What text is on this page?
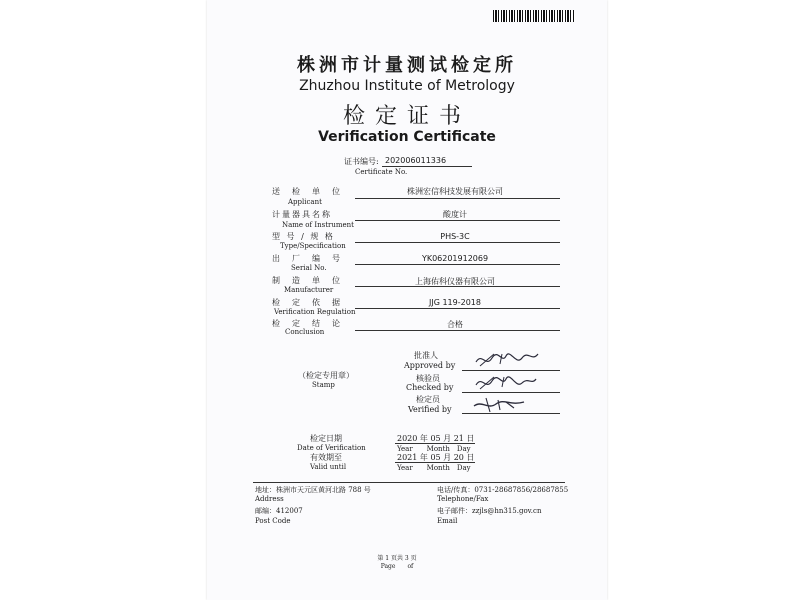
株洲市计量测试检定所
Zhuzhou Institute of Metrology
检定证书
Verification Certificate
证书编号: 202006011336
Certificate No.
送　检　单　位	株洲宏信科技发展有限公司
Applicant
计量器具名称	酸度计
Name of Instrument
型 号 / 规 格	PHS-3C
Type/Specification
出　厂　编　号	YK06201912069
Serial No.
制　造　单　位	上海佑科仪器有限公司
Manufacturer
检　定　依　据	JJG 119-2018
Verification Regulation
检　定　结　论	合格
Conclusion
批准人
Approved by
核验员
Checked by
检定员
Verified by
（检定专用章）
Stamp
检定日期
Date of Verification
2020 年 05 月 21 日
Year　　Month　Day
有效期至
Valid until
2021 年 05 月 20 日
Year　　Month　Day
地址：株洲市天元区黄河北路 788 号
Address
邮编：412007
Post Code
电话/传真：0731-28687856/28687855
Telephone/Fax
电子邮件：zzjls@hn315.gov.cn
Email
第 1 页共 3 页
Page　　of
